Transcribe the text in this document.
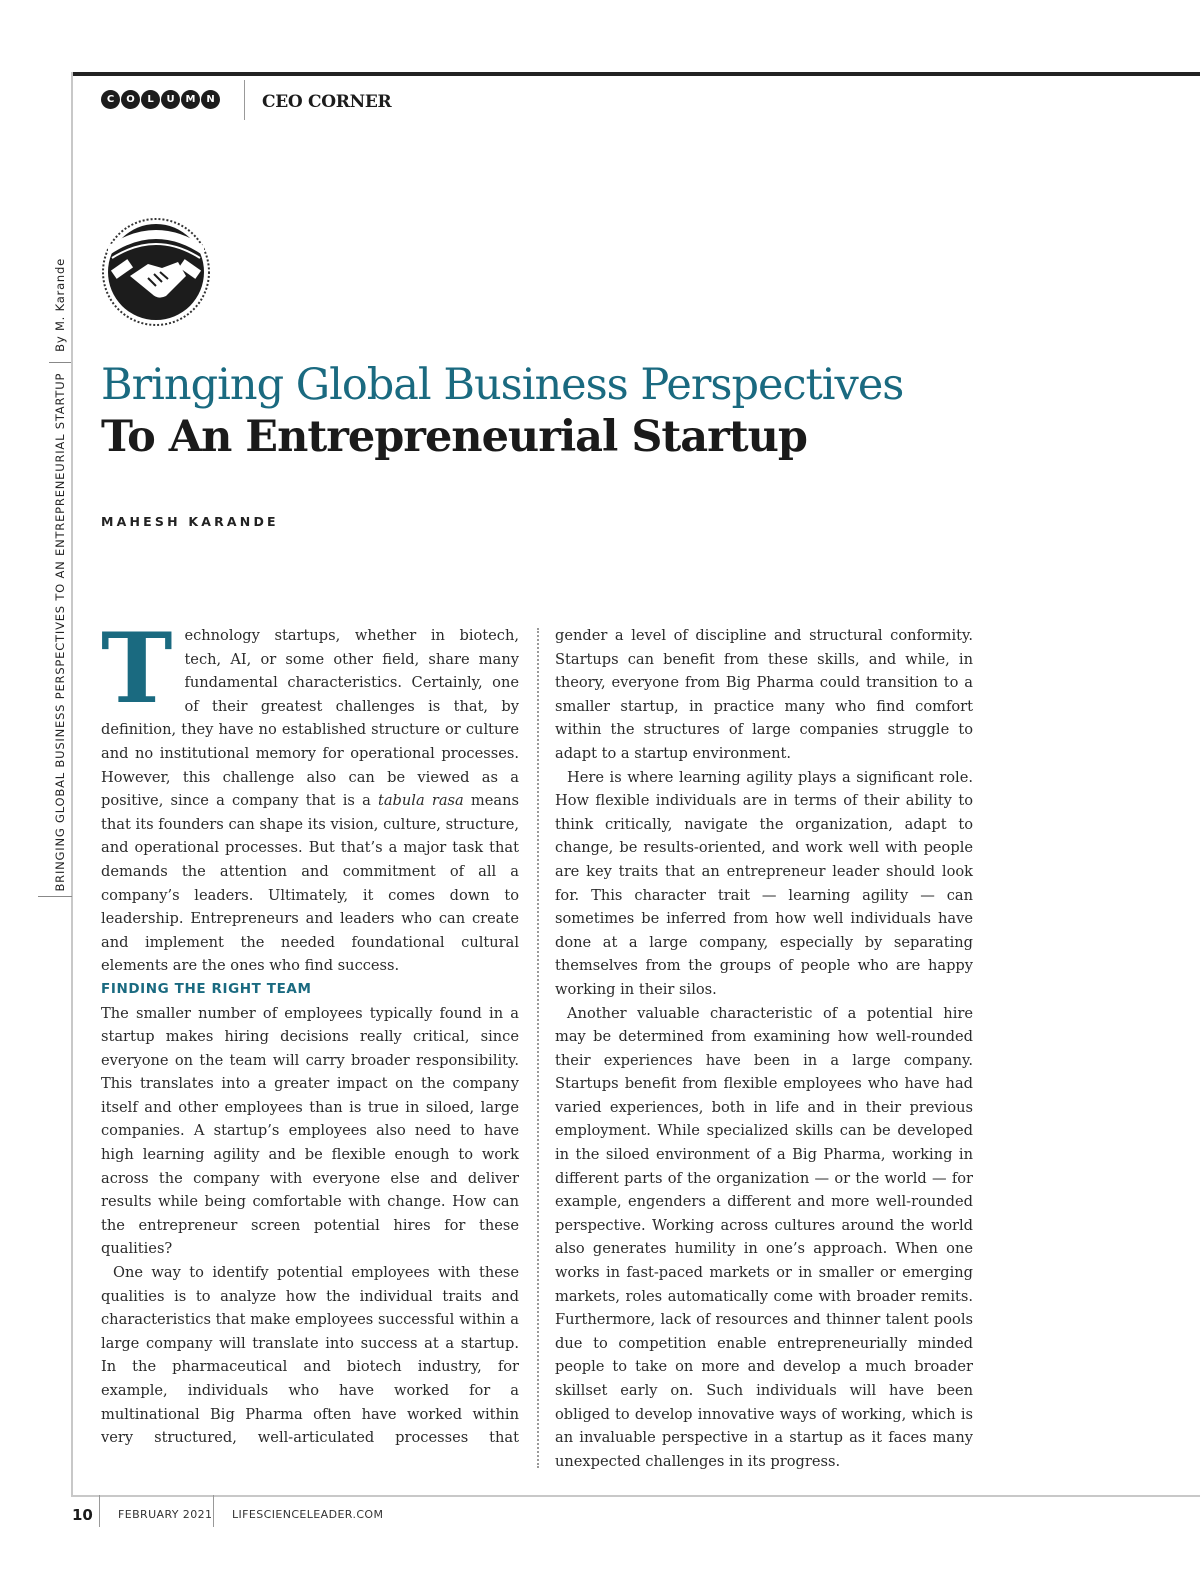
BRINGING GLOBAL BUSINESS PERSPECTIVES TO AN ENTREPRENEURIAL STARTUP
By M. Karande
C	O	L	U	M	N	CEO CORNER
Bringing Global Business Perspectives
To An Entrepreneurial Startup
MAHESH KARANDE

Technology startups, whether in biotech, tech, AI, or some other field, share many fundamental characteristics. Certainly, one of their greatest challenges is that, by definition, they have no established structure or culture and no institutional memory for operational processes. However, this challenge also can be viewed as a positive, since a company that is a tabula rasa means that its founders can shape its vision, culture, structure, and operational processes. But that’s a major task that demands the attention and commitment of all a company’s leaders. Ultimately, it comes down to leadership. Entrepreneurs and leaders who can create and implement the needed foundational cultural elements are the ones who find success.

FINDING THE RIGHT TEAM

The smaller number of employees typically found in a startup makes hiring decisions really critical, since everyone on the team will carry broader responsibility. This translates into a greater impact on the company itself and other employees than is true in siloed, large companies. A startup’s employees also need to have high learning agility and be flexible enough to work across the company with everyone else and deliver results while being comfortable with change. How can the entrepreneur screen potential hires for these qualities?

One way to identify potential employees with these qualities is to analyze how the individual traits and characteristics that make employees successful within a large company will translate into success at a startup. In the pharmaceutical and biotech industry, for example, individuals who have worked for a multinational Big Pharma often have worked within very structured, well-articulated processes that

gender a level of discipline and structural conformity. Startups can benefit from these skills, and while, in theory, everyone from Big Pharma could transition to a smaller startup, in practice many who find comfort within the structures of large companies struggle to adapt to a startup environment.

Here is where learning agility plays a significant role. How flexible individuals are in terms of their ability to think critically, navigate the organization, adapt to change, be results-oriented, and work well with people are key traits that an entrepreneur leader should look for. This character trait — learning agility — can sometimes be inferred from how well individuals have done at a large company, especially by separating themselves from the groups of people who are happy working in their silos.

Another valuable characteristic of a potential hire may be determined from examining how well-rounded their experiences have been in a large company. Startups benefit from flexible employees who have had varied experiences, both in life and in their previous employment. While specialized skills can be developed in the siloed environment of a Big Pharma, working in different parts of the organization — or the world — for example, engenders a different and more well-rounded perspective. Working across cultures around the world also generates humility in one’s approach. When one works in fast-paced markets or in smaller or emerging markets, roles automatically come with broader remits. Furthermore, lack of resources and thinner talent pools due to competition enable entrepreneurially minded people to take on more and develop a much broader skillset early on. Such individuals will have been obliged to develop innovative ways of working, which is an invaluable perspective in a startup as it faces many unexpected challenges in its progress.

10 FEBRUARY 2021 LIFESCIENCELEADER.COM
